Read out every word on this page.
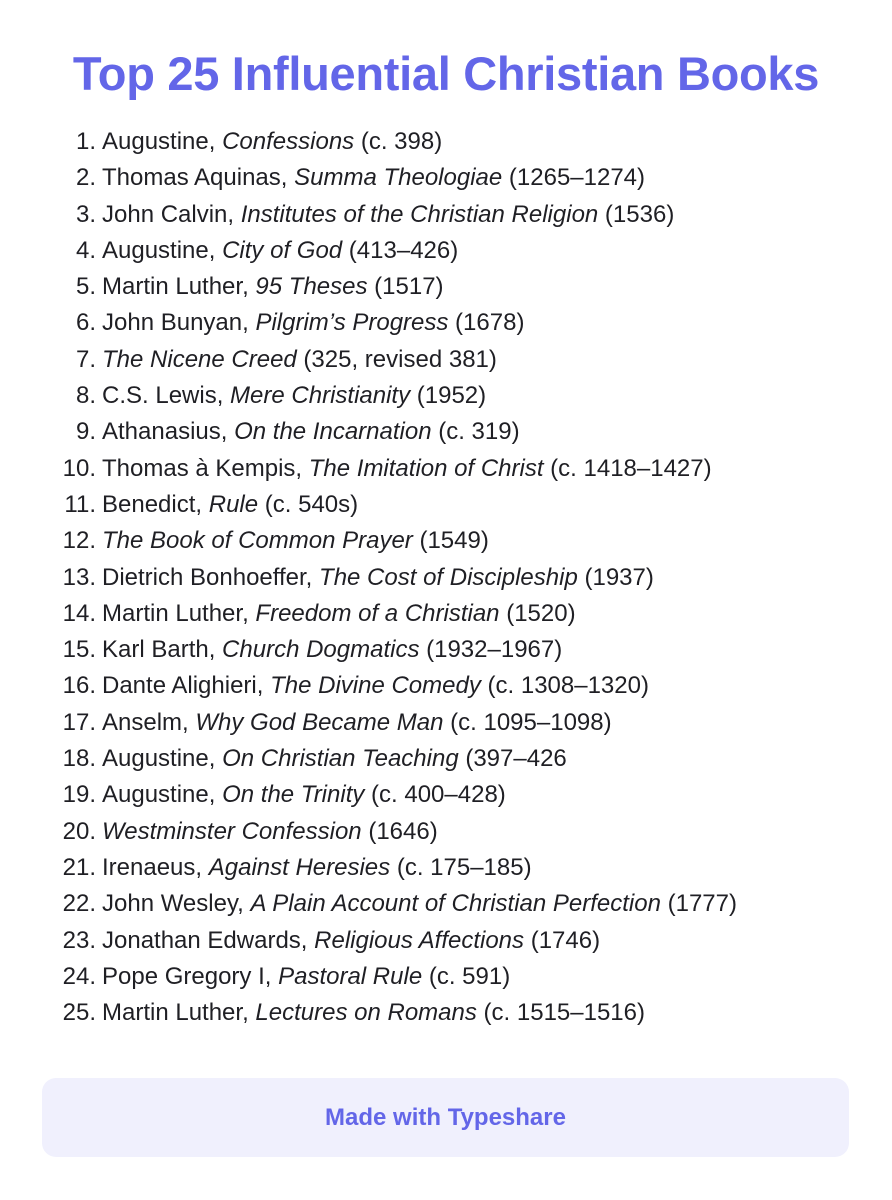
Top 25 Influential Christian Books
1. Augustine, Confessions (c. 398)
2. Thomas Aquinas, Summa Theologiae (1265–1274)
3. John Calvin, Institutes of the Christian Religion (1536)
4. Augustine, City of God (413–426)
5. Martin Luther, 95 Theses (1517)
6. John Bunyan, Pilgrim’s Progress (1678)
7. The Nicene Creed (325, revised 381)
8. C.S. Lewis, Mere Christianity (1952)
9. Athanasius, On the Incarnation (c. 319)
10. Thomas à Kempis, The Imitation of Christ (c. 1418–1427)
11. Benedict, Rule (c. 540s)
12. The Book of Common Prayer (1549)
13. Dietrich Bonhoeffer, The Cost of Discipleship (1937)
14. Martin Luther, Freedom of a Christian (1520)
15. Karl Barth, Church Dogmatics (1932–1967)
16. Dante Alighieri, The Divine Comedy (c. 1308–1320)
17. Anselm, Why God Became Man (c. 1095–1098)
18. Augustine, On Christian Teaching (397–426
19. Augustine, On the Trinity (c. 400–428)
20. Westminster Confession (1646)
21. Irenaeus, Against Heresies (c. 175–185)
22. John Wesley, A Plain Account of Christian Perfection (1777)
23. Jonathan Edwards, Religious Affections (1746)
24. Pope Gregory I, Pastoral Rule (c. 591)
25. Martin Luther, Lectures on Romans (c. 1515–1516)
Made with Typeshare
